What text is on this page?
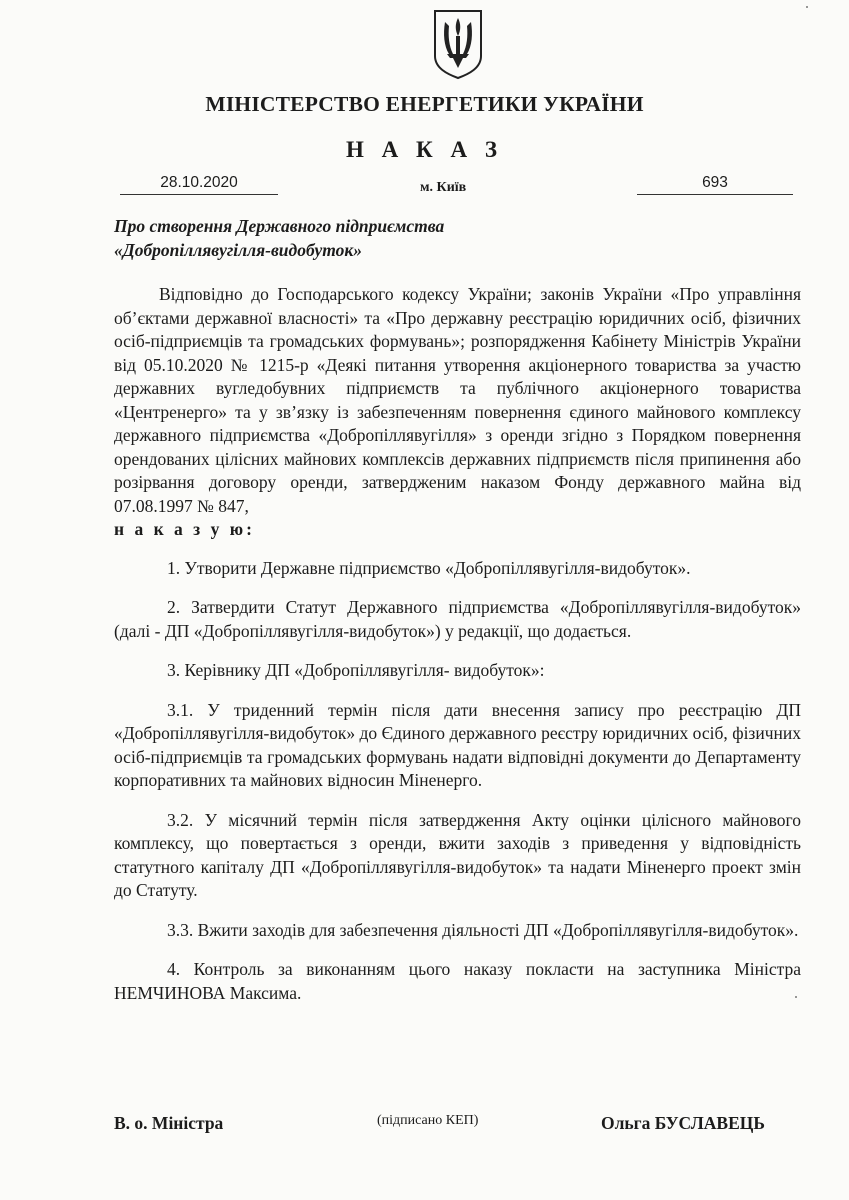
МІНІСТЕРСТВО ЕНЕРГЕТИКИ УКРАЇНИ
Н А К А З
28.10.2020	м. Київ	693
Про створення Державного підприємства
«Добропіллявугілля-видобуток»

Відповідно до Господарського кодексу України; законів України «Про управління об’єктами державної власності» та «Про державну реєстрацію юридичних осіб, фізичних осіб-підприємців та громадських формувань»; розпорядження Кабінету Міністрів України від 05.10.2020 № 1215-р «Деякі питання утворення акціонерного товариства за участю державних вугледобувних підприємств та публічного акціонерного товариства «Центренерго» та у зв’язку із забезпеченням повернення єдиного майнового комплексу державного підприємства «Добропіллявугілля» з оренди згідно з Порядком повернення орендованих цілісних майнових комплексів державних підприємств після припинення або розірвання договору оренди, затвердженим наказом Фонду державного майна від 07.08.1997 № 847,

н а к а з у ю:

1. Утворити Державне підприємство «Добропіллявугілля-видобуток».

2. Затвердити Статут Державного підприємства «Добропіллявугілля-видобуток» (далі - ДП «Добропіллявугілля-видобуток») у редакції, що додається.

3. Керівнику ДП «Добропіллявугілля- видобуток»:

3.1. У триденний термін після дати внесення запису про реєстрацію ДП «Добропіллявугілля-видобуток» до Єдиного державного реєстру юридичних осіб, фізичних осіб-підприємців та громадських формувань надати відповідні документи до Департаменту корпоративних та майнових відносин Міненерго.

3.2. У місячний термін після затвердження Акту оцінки цілісного майнового комплексу, що повертається з оренди, вжити заходів з приведення у відповідність статутного капіталу ДП «Добропіллявугілля-видобуток» та надати Міненерго проект змін до Статуту.

3.3. Вжити заходів для забезпечення діяльності ДП «Добропіллявугілля-видобуток».

4. Контроль за виконанням цього наказу покласти на заступника Міністра НЕМЧИНОВА Максима.

В. о. Міністра	(підписано КЕП)	Ольга БУСЛАВЕЦЬ
